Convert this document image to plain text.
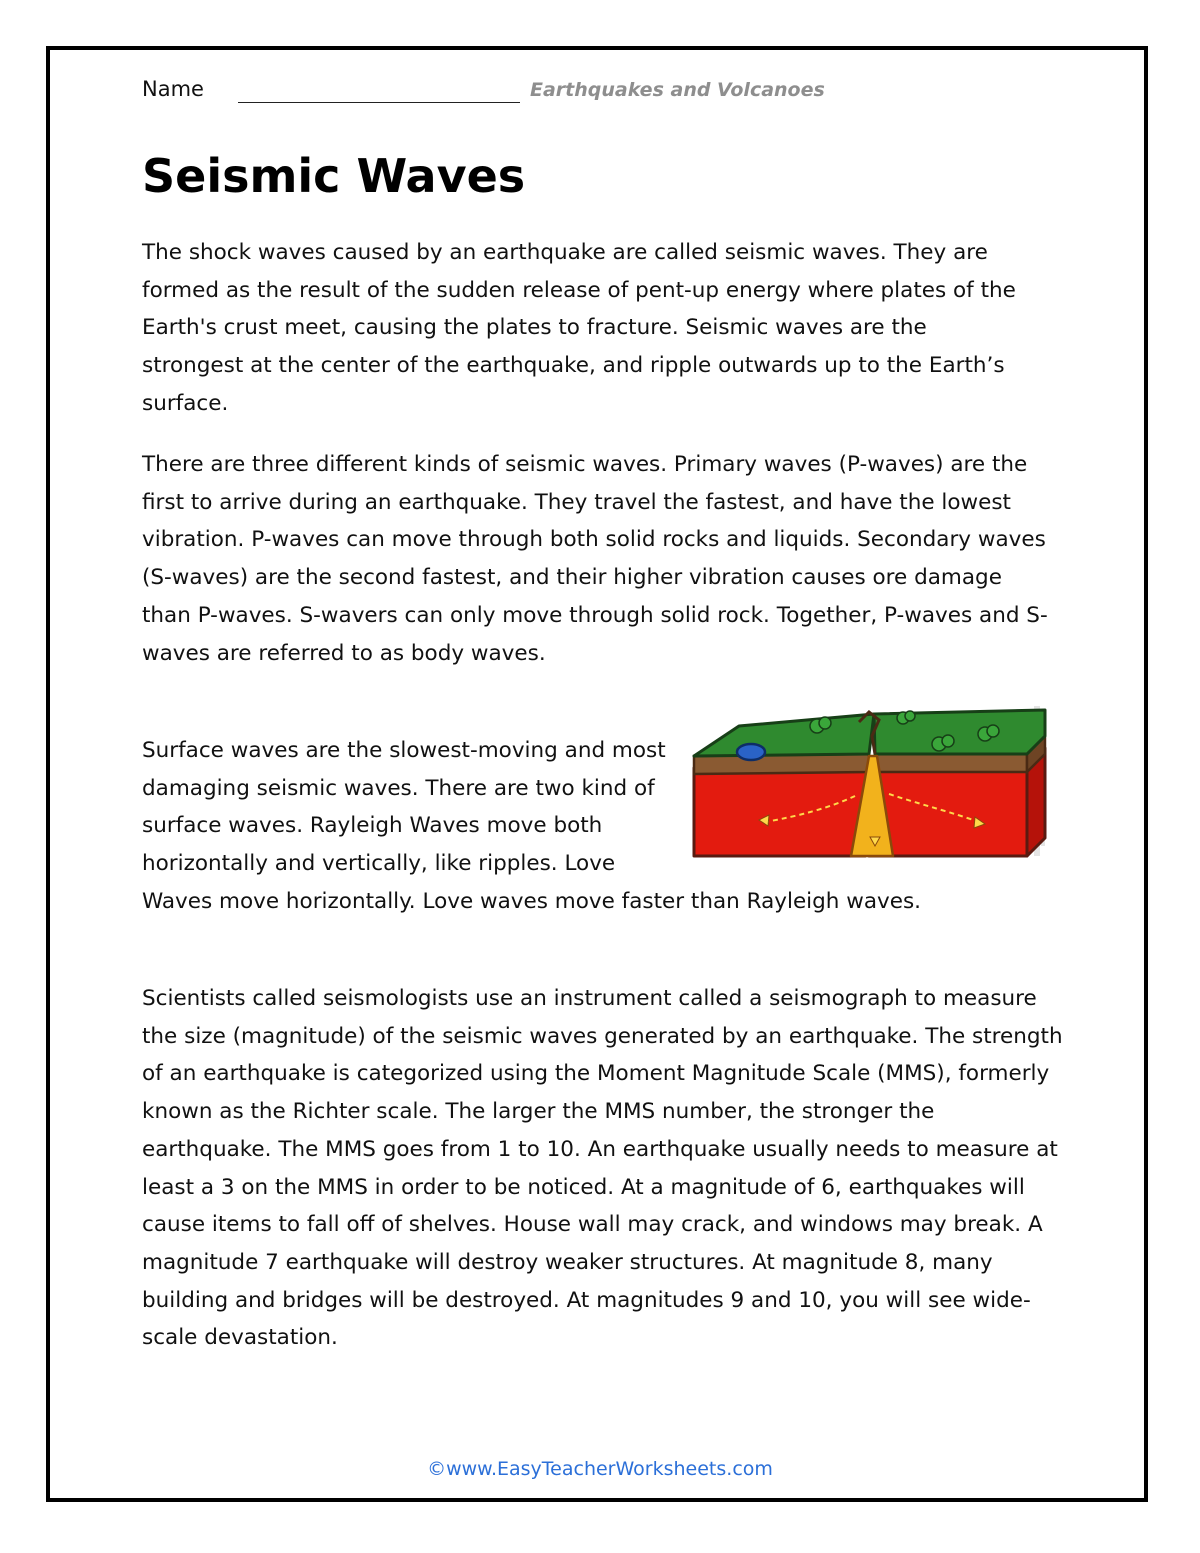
Name	Earthquakes and Volcanoes
Seismic Waves

The shock waves caused by an earthquake are called seismic waves. They are formed as the result of the sudden release of pent-up energy where plates of the Earth's crust meet, causing the plates to fracture. Seismic waves are the strongest at the center of the earthquake, and ripple outwards up to the Earth’s surface.

There are three different kinds of seismic waves. Primary waves (P-waves) are the first to arrive during an earthquake. They travel the fastest, and have the lowest vibration. P-waves can move through both solid rocks and liquids. Secondary waves (S-waves) are the second fastest, and their higher vibration causes ore damage than P-waves. S-wavers can only move through solid rock. Together, P-waves and S-waves are referred to as body waves.

Surface waves are the slowest-moving and most damaging seismic waves. There are two kind of surface waves. Rayleigh Waves move both horizontally and vertically, like ripples. Love Waves move horizontally. Love waves move faster than Rayleigh waves.

Scientists called seismologists use an instrument called a seismograph to measure the size (magnitude) of the seismic waves generated by an earthquake. The strength of an earthquake is categorized using the Moment Magnitude Scale (MMS), formerly known as the Richter scale. The larger the MMS number, the stronger the earthquake. The MMS goes from 1 to 10. An earthquake usually needs to measure at least a 3 on the MMS in order to be noticed. At a magnitude of 6, earthquakes will cause items to fall off of shelves. House wall may crack, and windows may break. A magnitude 7 earthquake will destroy weaker structures. At magnitude 8, many building and bridges will be destroyed. At magnitudes 9 and 10, you will see wide-scale devastation.

©www.EasyTeacherWorksheets.com
